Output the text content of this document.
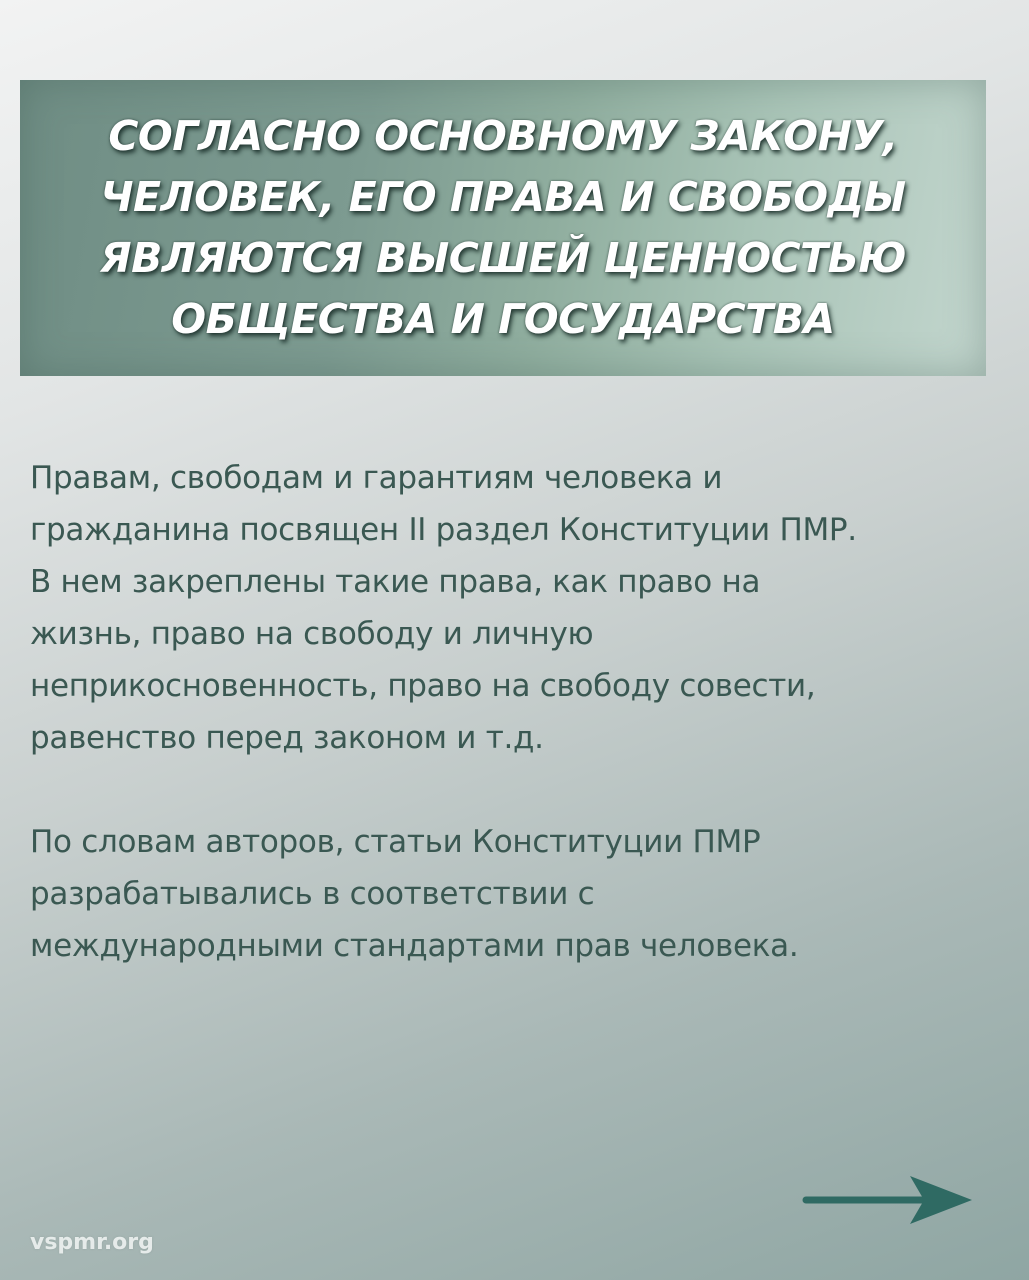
СОГЛАСНО ОСНОВНОМУ ЗАКОНУ,
ЧЕЛОВЕК, ЕГО ПРАВА И СВОБОДЫ
ЯВЛЯЮТСЯ ВЫСШЕЙ ЦЕННОСТЬЮ
ОБЩЕСТВА И ГОСУДАРСТВА

Правам, свободам и гарантиям человека и
гражданина посвящен II раздел Конституции ПМР.
В нем закреплены такие права, как право на
жизнь, право на свободу и личную
неприкосновенность, право на свободу совести,
равенство перед законом и т.д.

По словам авторов, статьи Конституции ПМР
разрабатывались в соответствии с
международными стандартами прав человека.

vspmr.org
